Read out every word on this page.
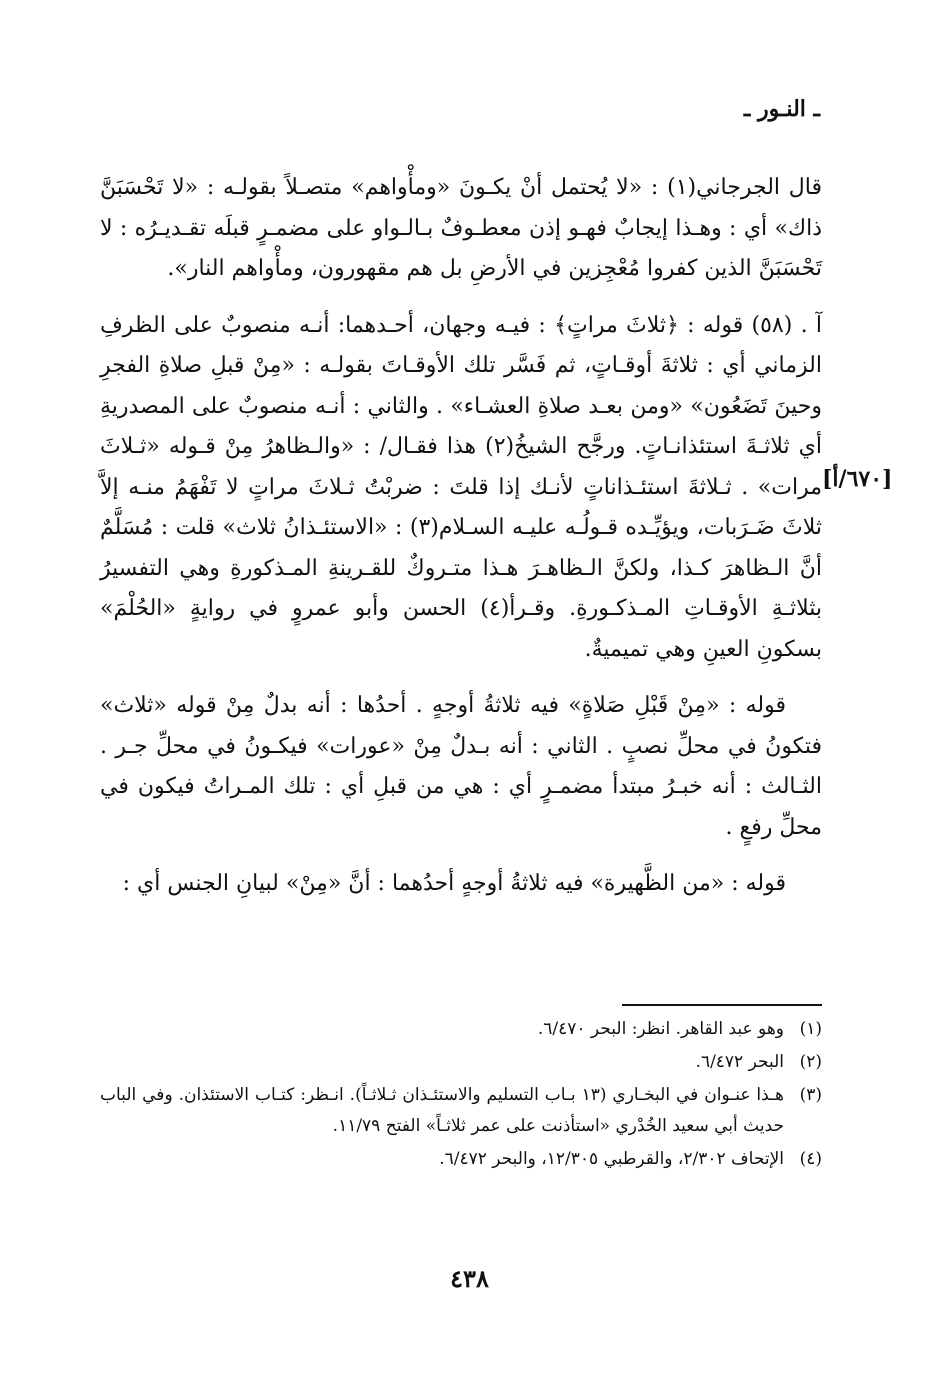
ـ النـور ـ
[٦٧٠/أ]

قال الجرجاني(١) : «لا يُحتمل أنْ يكـونَ «ومأْواهم» متصـلاً بقولـه : «لا تَحْسَبَنَّ ذاك» أي : وهـذا إيجابٌ فهـو إذن معطـوفٌ بـالـواو على مضمـرٍ قبلَه تقـديـرُه : لا تَحْسَبَنَّ الذين كفروا مُعْجِزين في الأرضِ بل هم مقهورون، ومأْواهم النار».

آ . (٥٨) قوله : ﴿ثلاثَ مراتٍ﴾ : فيـه وجهان، أحـدهما: أنـه منصوبٌ على الظرفِ الزماني أي : ثلاثةَ أوقـاتٍ، ثم فَسَّر تلك الأوقـاتَ بقولـه : «مِنْ قبلِ صلاةِ الفجرِ وحينَ تَضَعُون» «ومن بعـد صلاةِ العشـاء» . والثاني : أنـه منصوبٌ على المصدريةِ أي ثلاثـةَ استئذانـاتٍ. ورجَّح الشيخُ(٢) هذا فقـال/ : «والـظاهرُ مِنْ قـوله «ثـلاثَ مرات» . ثـلاثةَ استئـذاناتٍ لأنـك إذا قلتَ : ضربْتُ ثـلاثَ مراتٍ لا تَفْهَمُ منـه إلاَّ ثلاثَ ضَـرَبات، ويؤيِّـده قـولُـه عليـه السـلام(٣) : «الاستئـذانُ ثلاث» قلت : مُسَلَّمٌ أنَّ الـظاهرَ كـذا، ولكنَّ الـظاهـرَ هـذا متـروكٌ للقـرينةِ المـذكورةِ وهي التفسيرُ بثلاثـةِ الأوقـاتِ المـذكـورةِ. وقـرأ(٤) الحسن وأبو عمروٍ في روايةٍ «الحُلْمَ» بسكونِ العينِ وهي تميميةٌ.

قوله : «مِنْ قَبْلِ صَلاةٍ» فيه ثلاثةُ أوجهٍ . أحدُها : أنه بدلٌ مِنْ قوله «ثلاث» فتكونُ في محلِّ نصبٍ . الثاني : أنه بـدلٌ مِنْ «عورات» فيكـونُ في محلِّ جـر . الثـالث : أنه خبـرُ مبتدأ مضمـرٍ أي : هي من قبلِ أي : تلك المـراتُ فيكون في محلِّ رفعٍ .

قوله : «من الظَّهيرة» فيه ثلاثةُ أوجهٍ أحدُهما : أنَّ «مِنْ» لبيانِ الجنس أي :

(١)
وهو عبد القاهر. انظر: البحر ٦/٤٧٠.
(٢)
البحر ٦/٤٧٢.
(٣)
هـذا عنـوان في البخـاري (١٣ بـاب التسليم والاستئـذان ثـلاثـاً). انـظر: كتـاب الاستئذان. وفي الباب حديث أبي سعيد الخُدْري «استأذنت على عمر ثلاثـاً» الفتح ١١/٧٩.
(٤)
الإتحاف ٢/٣٠٢، والقرطبي ١٢/٣٠٥، والبحر ٦/٤٧٢.
٤٣٨
